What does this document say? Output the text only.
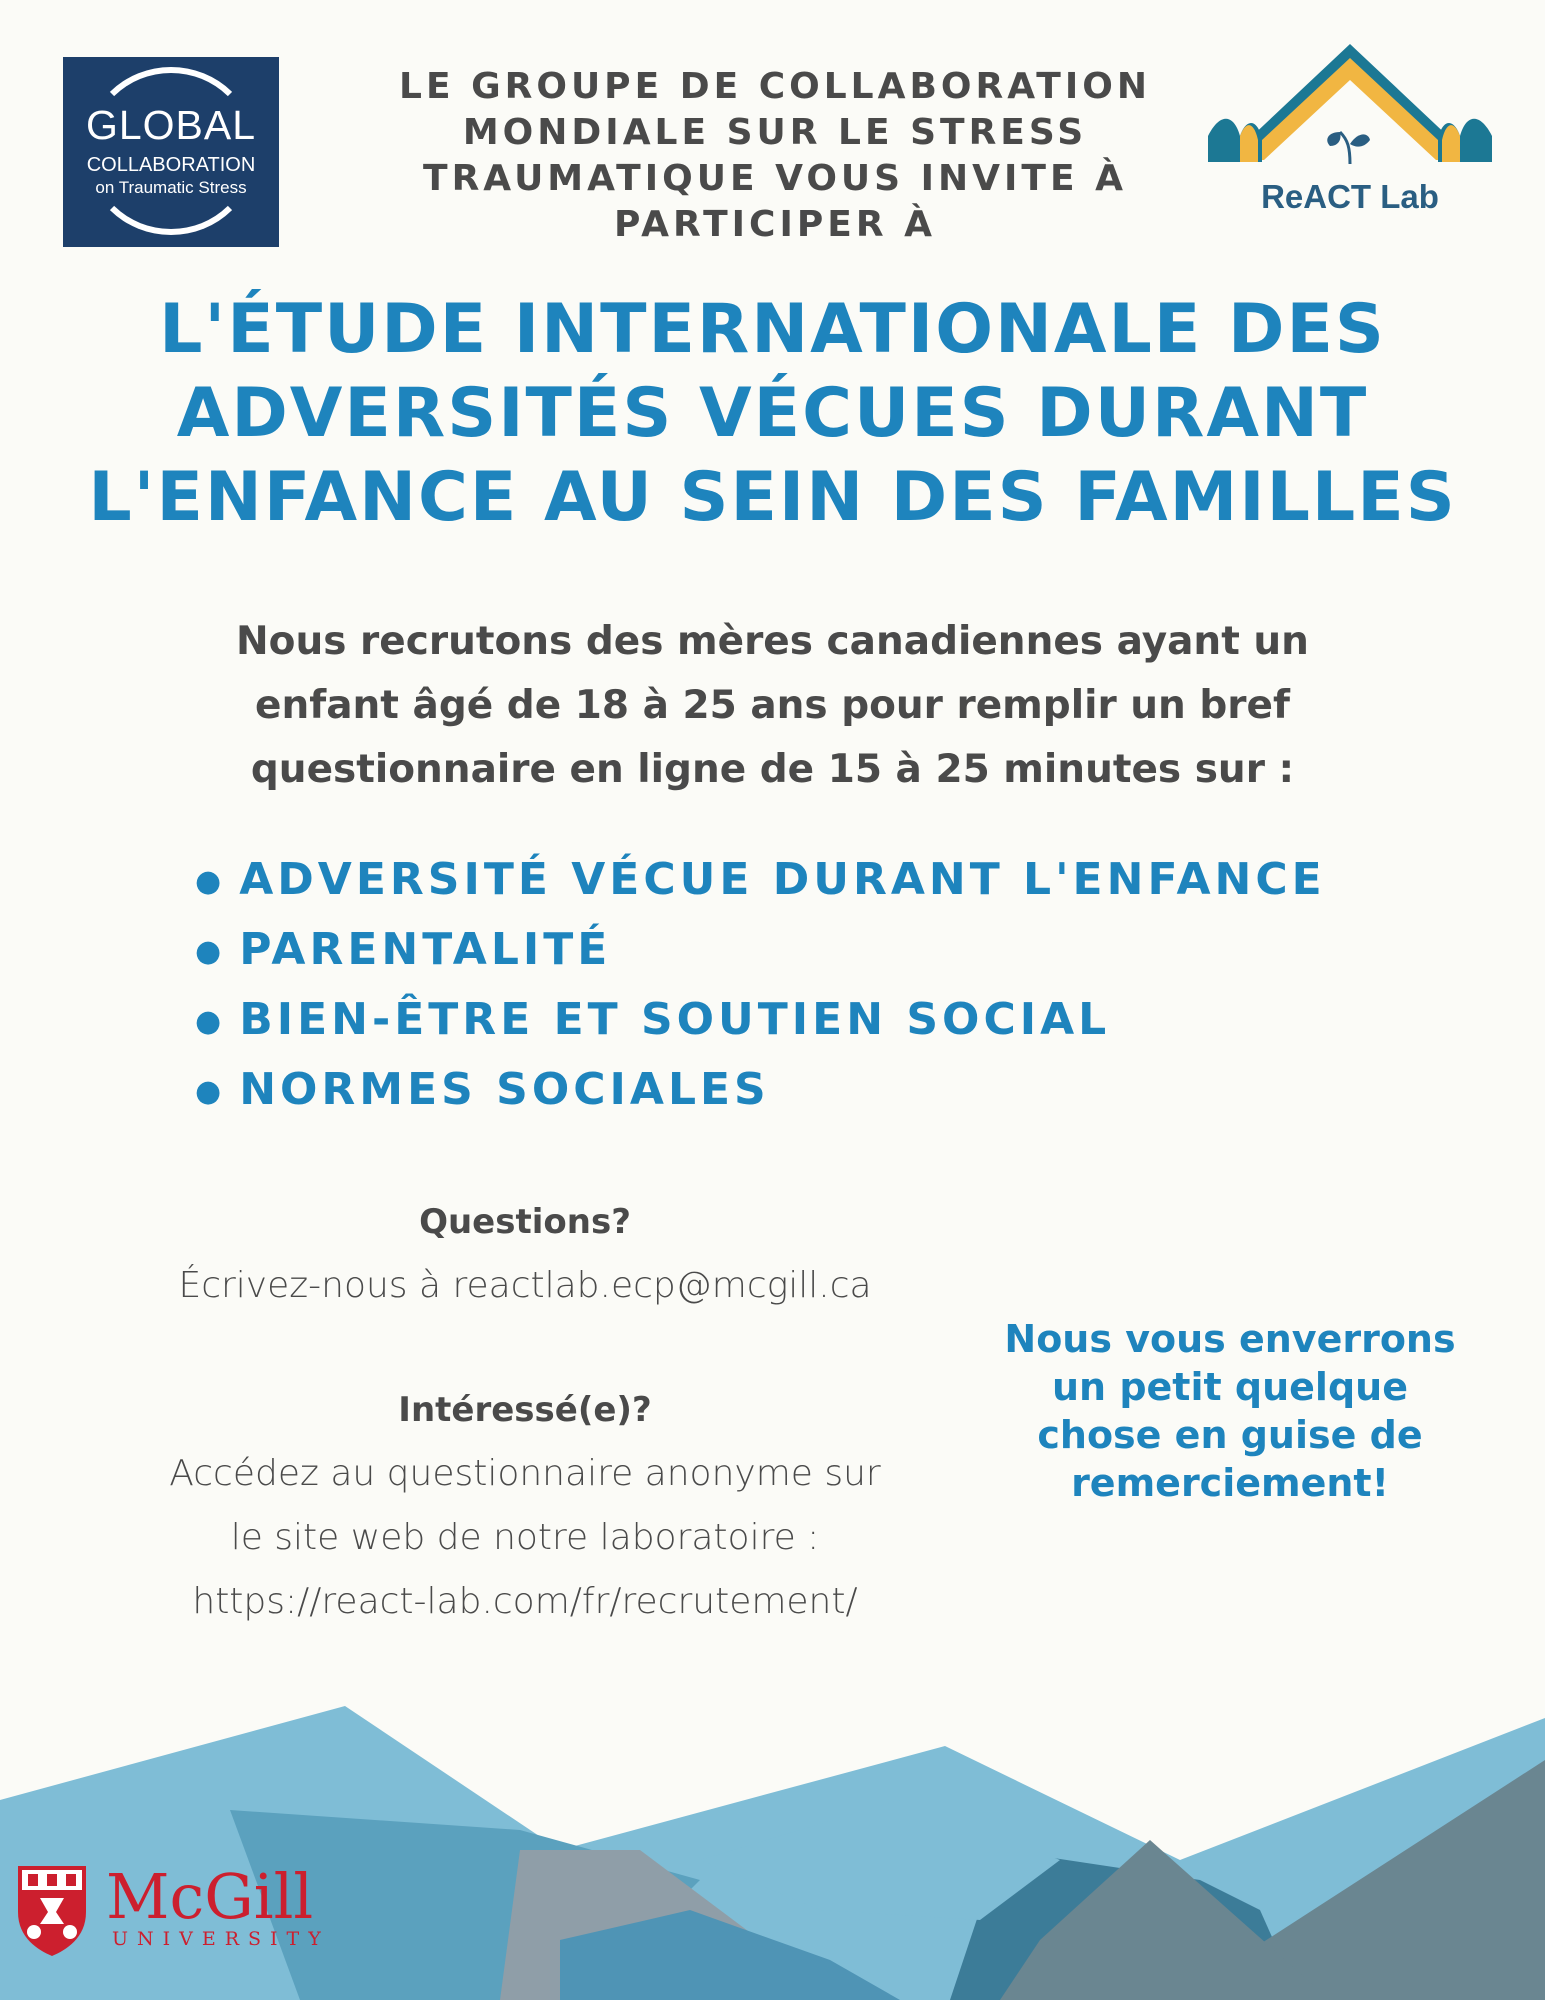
GLOBAL
COLLABORATION
on Traumatic Stress
LE GROUPE DE COLLABORATION
MONDIALE SUR LE STRESS
TRAUMATIQUE VOUS INVITE À
PARTICIPER À
ReACT Lab
L'ÉTUDE INTERNATIONALE DES
ADVERSITÉS VÉCUES DURANT
L'ENFANCE AU SEIN DES FAMILLES
Nous recrutons des mères canadiennes ayant un
enfant âgé de 18 à 25 ans pour remplir un bref
questionnaire en ligne de 15 à 25 minutes sur :
● ADVERSITÉ VÉCUE DURANT L'ENFANCE
● PARENTALITÉ
● BIEN-ÊTRE ET SOUTIEN SOCIAL
● NORMES SOCIALES
Questions?
Écrivez-nous à reactlab.ecp@mcgill.ca
Intéressé(e)?
Accédez au questionnaire anonyme sur
le site web de notre laboratoire :
https://react-lab.com/fr/recrutement/
Nous vous enverrons
un petit quelque
chose en guise de
remerciement!
McGill
UNIVERSITY
